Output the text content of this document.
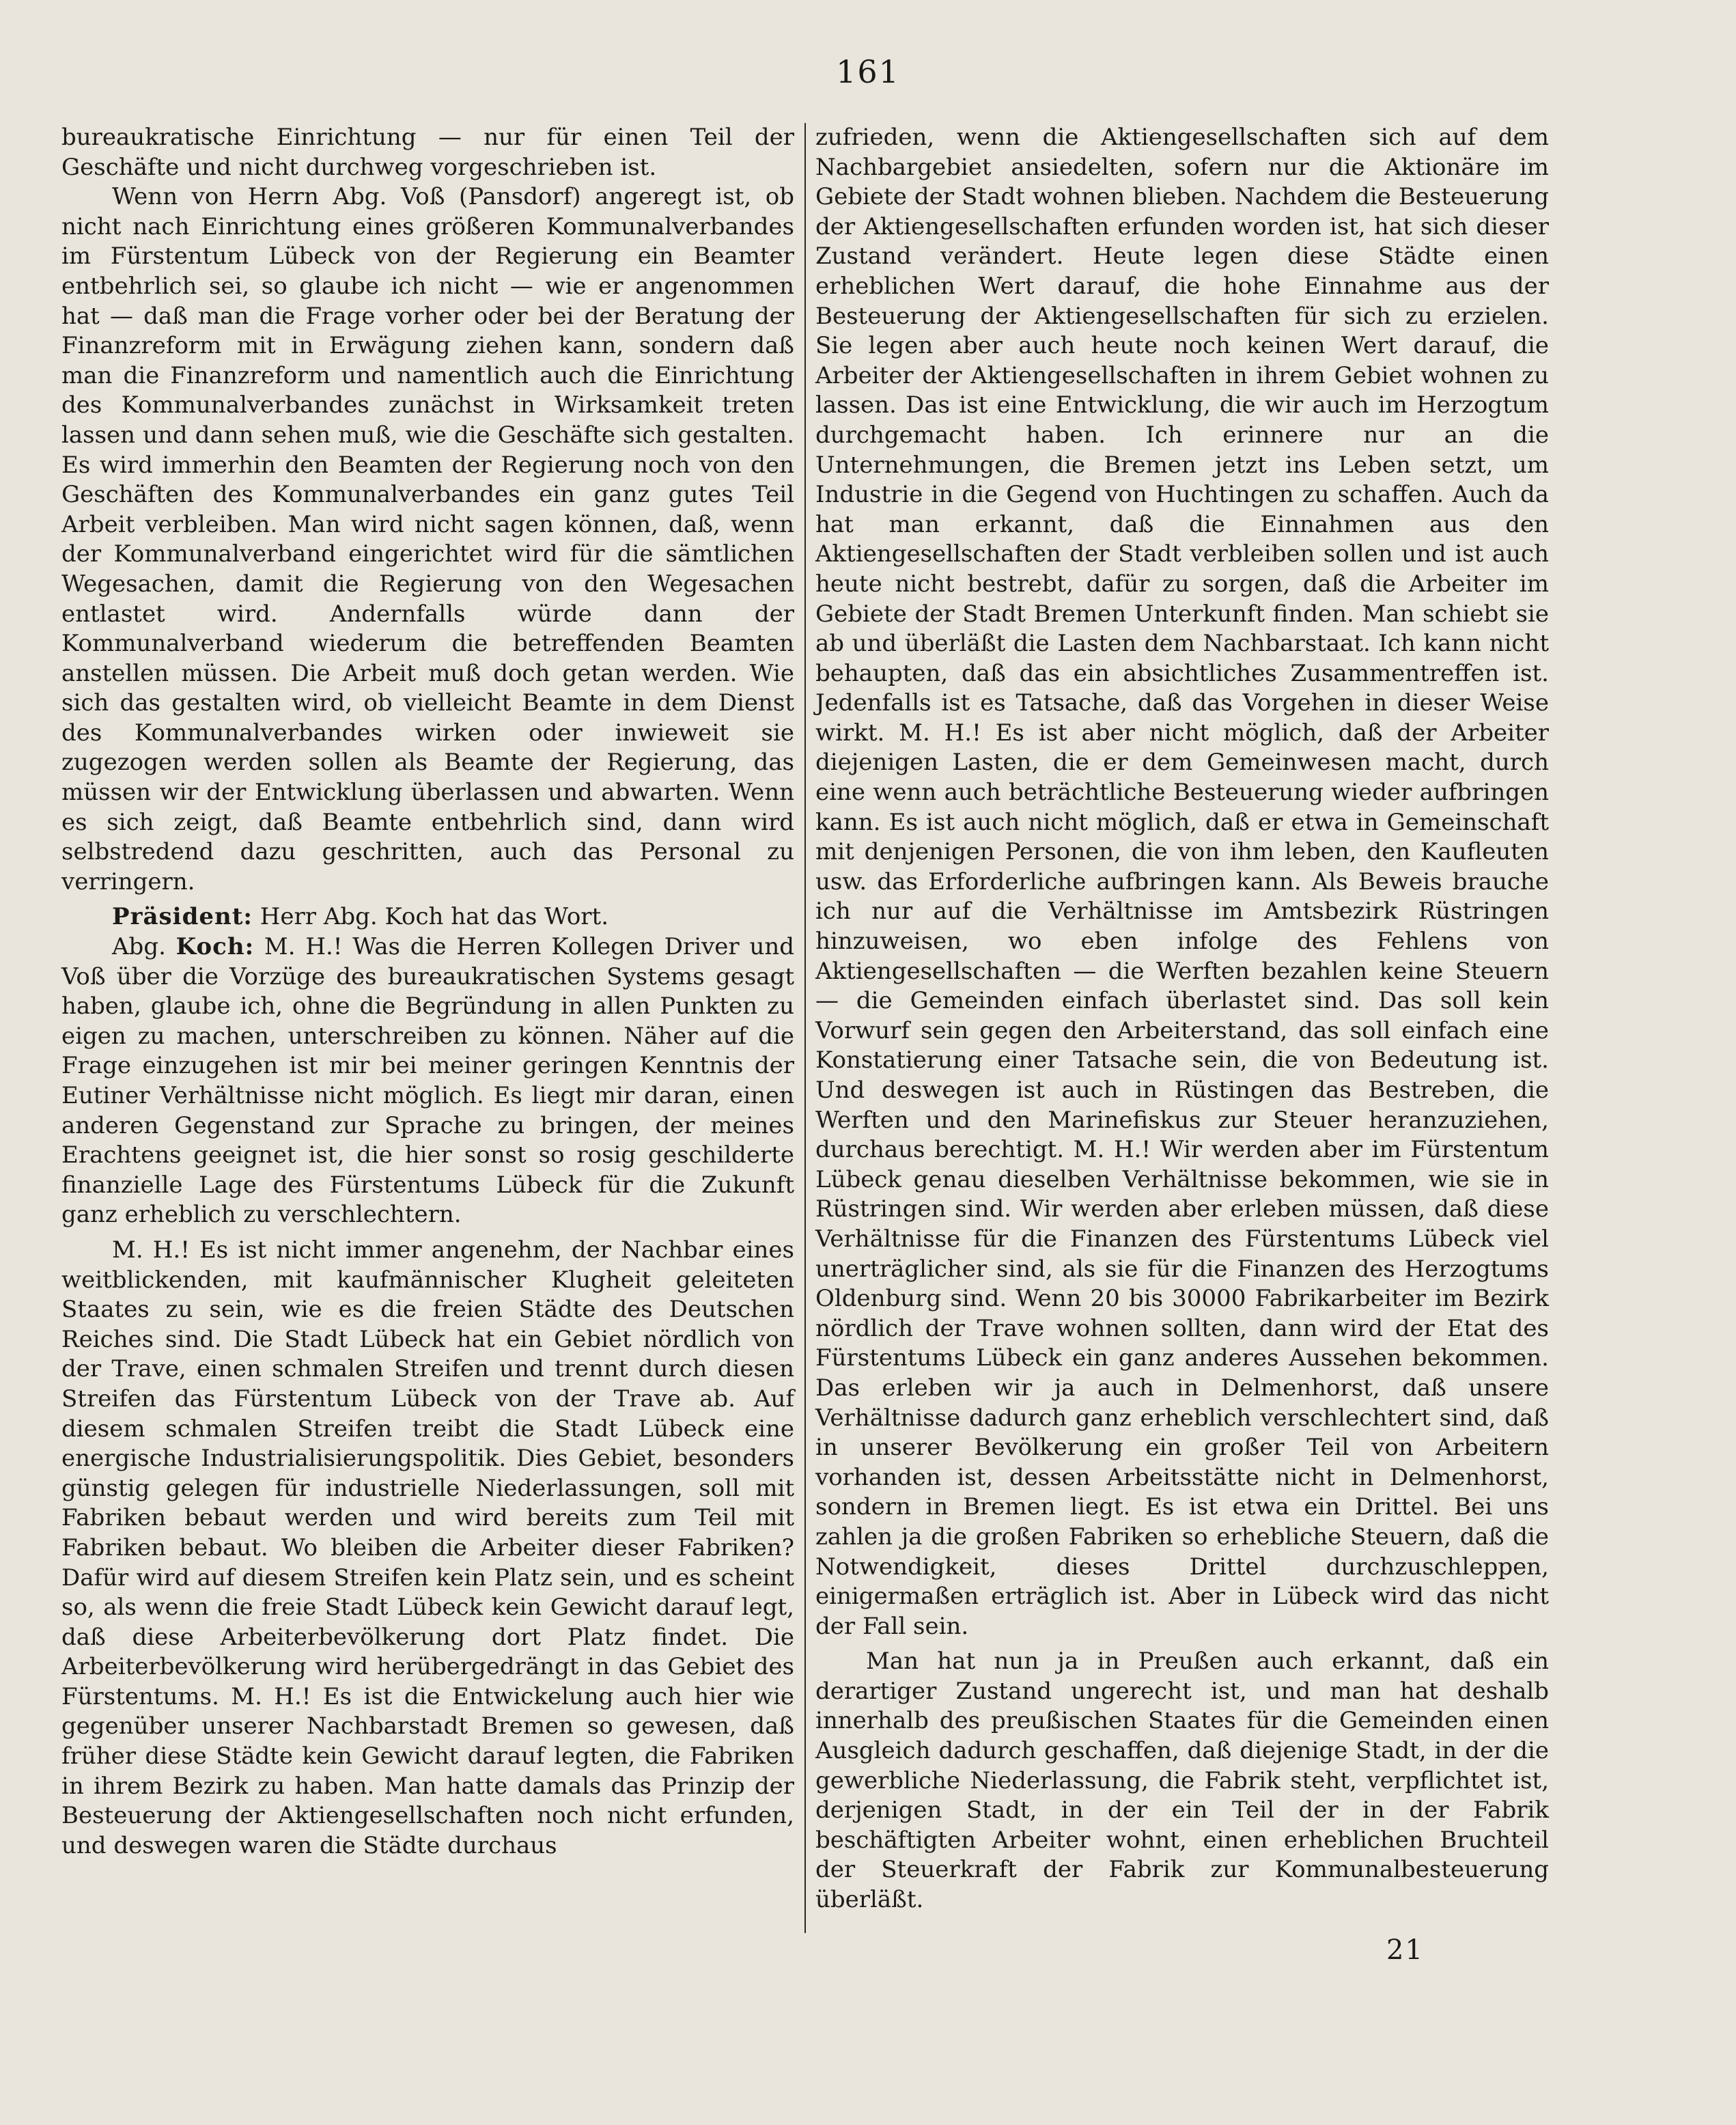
161

bureaukratische Einrichtung — nur für einen Teil der Geschäfte und nicht durchweg vorgeschrieben ist.

Wenn von Herrn Abg. Voß (Pansdorf) angeregt ist, ob nicht nach Einrichtung eines größeren Kommunalverbandes im Fürstentum Lübeck von der Regierung ein Beamter entbehrlich sei, so glaube ich nicht — wie er angenommen hat — daß man die Frage vorher oder bei der Beratung der Finanzreform mit in Erwägung ziehen kann, sondern daß man die Finanzreform und namentlich auch die Einrichtung des Kommunalverbandes zunächst in Wirksamkeit treten lassen und dann sehen muß, wie die Geschäfte sich gestalten. Es wird immerhin den Beamten der Regierung noch von den Geschäften des Kommunalverbandes ein ganz gutes Teil Arbeit verbleiben. Man wird nicht sagen können, daß, wenn der Kommunalverband eingerichtet wird für die sämtlichen Wegesachen, damit die Regierung von den Wegesachen entlastet wird. Andernfalls würde dann der Kommunalverband wiederum die betreffenden Beamten anstellen müssen. Die Arbeit muß doch getan werden. Wie sich das gestalten wird, ob vielleicht Beamte in dem Dienst des Kommunalverbandes wirken oder inwieweit sie zugezogen werden sollen als Beamte der Regierung, das müssen wir der Entwicklung überlassen und abwarten. Wenn es sich zeigt, daß Beamte entbehrlich sind, dann wird selbstredend dazu geschritten, auch das Personal zu verringern.

Präsident: Herr Abg. Koch hat das Wort.

Abg. Koch: M. H.! Was die Herren Kollegen Driver und Voß über die Vorzüge des bureaukratischen Systems gesagt haben, glaube ich, ohne die Begründung in allen Punkten zu eigen zu machen, unterschreiben zu können. Näher auf die Frage einzugehen ist mir bei meiner geringen Kenntnis der Eutiner Verhältnisse nicht möglich. Es liegt mir daran, einen anderen Gegenstand zur Sprache zu bringen, der meines Erachtens geeignet ist, die hier sonst so rosig geschilderte finanzielle Lage des Fürstentums Lübeck für die Zukunft ganz erheblich zu verschlechtern.

M. H.! Es ist nicht immer angenehm, der Nachbar eines weitblickenden, mit kaufmännischer Klugheit geleiteten Staates zu sein, wie es die freien Städte des Deutschen Reiches sind. Die Stadt Lübeck hat ein Gebiet nördlich von der Trave, einen schmalen Streifen und trennt durch diesen Streifen das Fürstentum Lübeck von der Trave ab. Auf diesem schmalen Streifen treibt die Stadt Lübeck eine energische Industrialisierungspolitik. Dies Gebiet, besonders günstig gelegen für industrielle Niederlassungen, soll mit Fabriken bebaut werden und wird bereits zum Teil mit Fabriken bebaut. Wo bleiben die Arbeiter dieser Fabriken? Dafür wird auf diesem Streifen kein Platz sein, und es scheint so, als wenn die freie Stadt Lübeck kein Gewicht darauf legt, daß diese Arbeiterbevölkerung dort Platz findet. Die Arbeiterbevölkerung wird herübergedrängt in das Gebiet des Fürstentums. M. H.! Es ist die Entwickelung auch hier wie gegenüber unserer Nachbarstadt Bremen so gewesen, daß früher diese Städte kein Gewicht darauf legten, die Fabriken in ihrem Bezirk zu haben. Man hatte damals das Prinzip der Besteuerung der Aktiengesellschaften noch nicht erfunden, und deswegen waren die Städte durchaus

zufrieden, wenn die Aktiengesellschaften sich auf dem Nachbargebiet ansiedelten, sofern nur die Aktionäre im Gebiete der Stadt wohnen blieben. Nachdem die Besteuerung der Aktiengesellschaften erfunden worden ist, hat sich dieser Zustand verändert. Heute legen diese Städte einen erheblichen Wert darauf, die hohe Einnahme aus der Besteuerung der Aktiengesellschaften für sich zu erzielen. Sie legen aber auch heute noch keinen Wert darauf, die Arbeiter der Aktiengesellschaften in ihrem Gebiet wohnen zu lassen. Das ist eine Entwicklung, die wir auch im Herzogtum durchgemacht haben. Ich erinnere nur an die Unternehmungen, die Bremen jetzt ins Leben setzt, um Industrie in die Gegend von Huchtingen zu schaffen. Auch da hat man erkannt, daß die Einnahmen aus den Aktiengesellschaften der Stadt verbleiben sollen und ist auch heute nicht bestrebt, dafür zu sorgen, daß die Arbeiter im Gebiete der Stadt Bremen Unterkunft finden. Man schiebt sie ab und überläßt die Lasten dem Nachbarstaat. Ich kann nicht behaupten, daß das ein absichtliches Zusammentreffen ist. Jedenfalls ist es Tatsache, daß das Vorgehen in dieser Weise wirkt. M. H.! Es ist aber nicht möglich, daß der Arbeiter diejenigen Lasten, die er dem Gemeinwesen macht, durch eine wenn auch beträchtliche Besteuerung wieder aufbringen kann. Es ist auch nicht möglich, daß er etwa in Gemeinschaft mit denjenigen Personen, die von ihm leben, den Kaufleuten usw. das Erforderliche aufbringen kann. Als Beweis brauche ich nur auf die Verhältnisse im Amtsbezirk Rüstringen hinzuweisen, wo eben infolge des Fehlens von Aktiengesellschaften — die Werften bezahlen keine Steuern — die Gemeinden einfach überlastet sind. Das soll kein Vorwurf sein gegen den Arbeiterstand, das soll einfach eine Konstatierung einer Tatsache sein, die von Bedeutung ist. Und deswegen ist auch in Rüstingen das Bestreben, die Werften und den Marinefiskus zur Steuer heranzuziehen, durchaus berechtigt. M. H.! Wir werden aber im Fürstentum Lübeck genau dieselben Verhältnisse bekommen, wie sie in Rüstringen sind. Wir werden aber erleben müssen, daß diese Verhältnisse für die Finanzen des Fürstentums Lübeck viel unerträglicher sind, als sie für die Finanzen des Herzogtums Oldenburg sind. Wenn 20 bis 30000 Fabrikarbeiter im Bezirk nördlich der Trave wohnen sollten, dann wird der Etat des Fürstentums Lübeck ein ganz anderes Aussehen bekommen. Das erleben wir ja auch in Delmenhorst, daß unsere Verhältnisse dadurch ganz erheblich verschlechtert sind, daß in unserer Bevölkerung ein großer Teil von Arbeitern vorhanden ist, dessen Arbeitsstätte nicht in Delmenhorst, sondern in Bremen liegt. Es ist etwa ein Drittel. Bei uns zahlen ja die großen Fabriken so erhebliche Steuern, daß die Notwendigkeit, dieses Drittel durchzuschleppen, einigermaßen erträglich ist. Aber in Lübeck wird das nicht der Fall sein.

Man hat nun ja in Preußen auch erkannt, daß ein derartiger Zustand ungerecht ist, und man hat deshalb innerhalb des preußischen Staates für die Gemeinden einen Ausgleich dadurch geschaffen, daß diejenige Stadt, in der die gewerbliche Niederlassung, die Fabrik steht, verpflichtet ist, derjenigen Stadt, in der ein Teil der in der Fabrik beschäftigten Arbeiter wohnt, einen erheblichen Bruchteil der Steuerkraft der Fabrik zur Kommunalbesteuerung überläßt.

21
